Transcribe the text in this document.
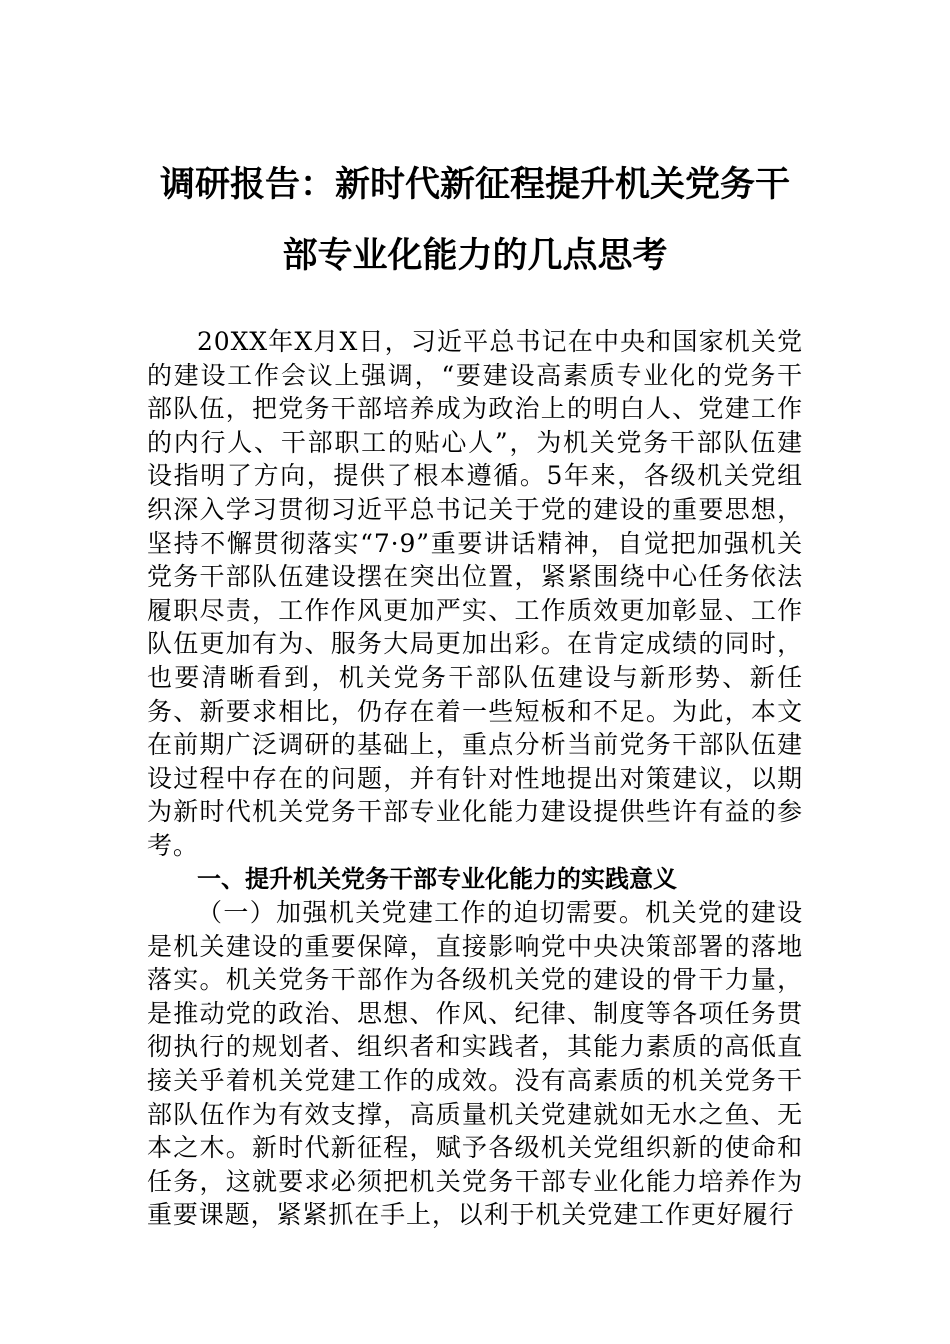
调研报告：新时代新征程提升机关党务干
部专业化能力的几点思考

20XX年X月X日，习近平总书记在中央和国家机关党的建设工作会议上强调，“要建设高素质专业化的党务干部队伍，把党务干部培养成为政治上的明白人、党建工作的内行人、干部职工的贴心人”，为机关党务干部队伍建设指明了方向，提供了根本遵循。5年来，各级机关党组织深入学习贯彻习近平总书记关于党的建设的重要思想，坚持不懈贯彻落实“7·9”重要讲话精神，自觉把加强机关党务干部队伍建设摆在突出位置，紧紧围绕中心任务依法履职尽责，工作作风更加严实、工作质效更加彰显、工作队伍更加有为、服务大局更加出彩。在肯定成绩的同时，也要清晰看到，机关党务干部队伍建设与新形势、新任务、新要求相比，仍存在着一些短板和不足。为此，本文在前期广泛调研的基础上，重点分析当前党务干部队伍建设过程中存在的问题，并有针对性地提出对策建议，以期为新时代机关党务干部专业化能力建设提供些许有益的参考。

一、提升机关党务干部专业化能力的实践意义

（一）加强机关党建工作的迫切需要。机关党的建设是机关建设的重要保障，直接影响党中央决策部署的落地落实。机关党务干部作为各级机关党的建设的骨干力量，是推动党的政治、思想、作风、纪律、制度等各项任务贯彻执行的规划者、组织者和实践者，其能力素质的高低直接关乎着机关党建工作的成效。没有高素质的机关党务干部队伍作为有效支撑，高质量机关党建就如无水之鱼、无本之木。新时代新征程，赋予各级机关党组织新的使命和任务，这就要求必须把机关党务干部专业化能力培养作为重要课题，紧紧抓在手上，以利于机关党建工作更好履行
